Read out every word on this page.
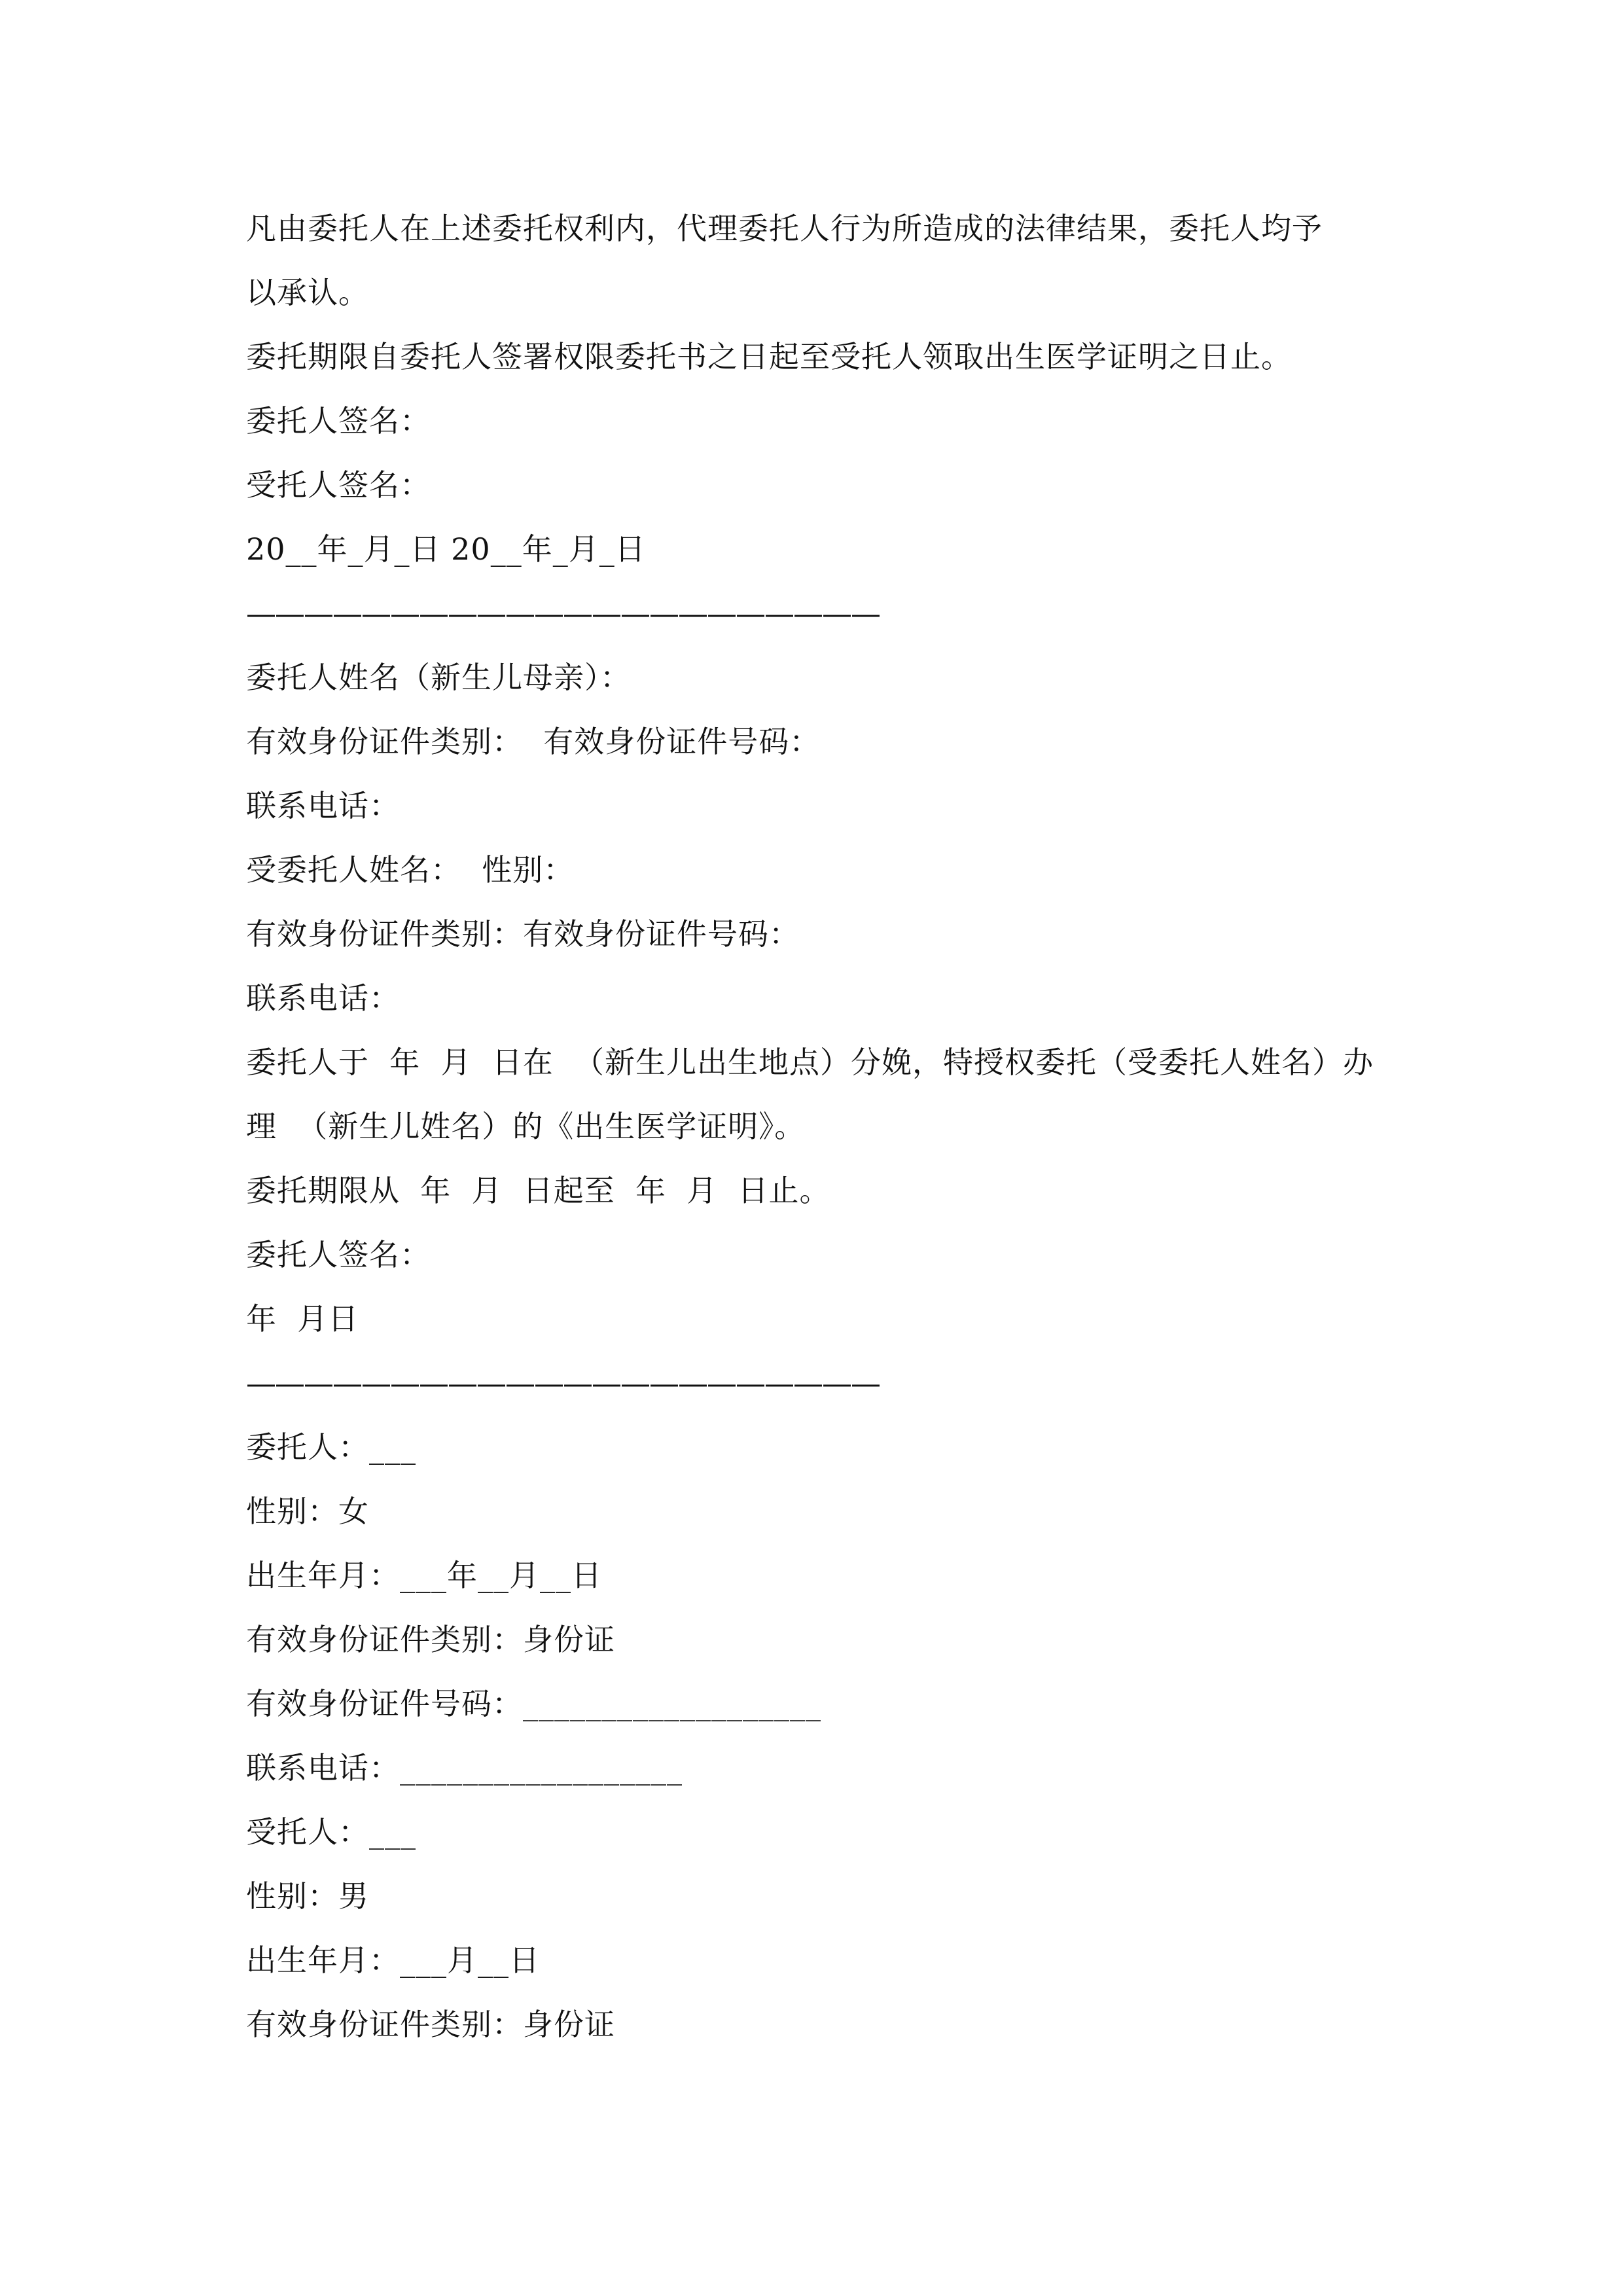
凡由委托人在上述委托权利内，代理委托人行为所造成的法律结果，委托人均予
以承认。
委托期限自委托人签署权限委托书之日起至受托人领取出生医学证明之日止。
委托人签名：
受托人签名：
20__年_月_日 20__年_月_日
——————————————————————
委托人姓名（新生儿母亲）：
有效身份证件类别：  有效身份证件号码：
联系电话：
受委托人姓名：  性别：
有效身份证件类别：有效身份证件号码：
联系电话：
委托人于  年  月  日在  （新生儿出生地点）分娩，特授权委托（受委托人姓名）办
理  （新生儿姓名）的《出生医学证明》。
委托期限从  年  月  日起至  年  月  日止。
委托人签名：
年  月日
——————————————————————
委托人：___
性别：女
出生年月：___年__月__日
有效身份证件类别：身份证
有效身份证件号码：___________________
联系电话：__________________
受托人：___
性别：男
出生年月：___月__日
有效身份证件类别：身份证
